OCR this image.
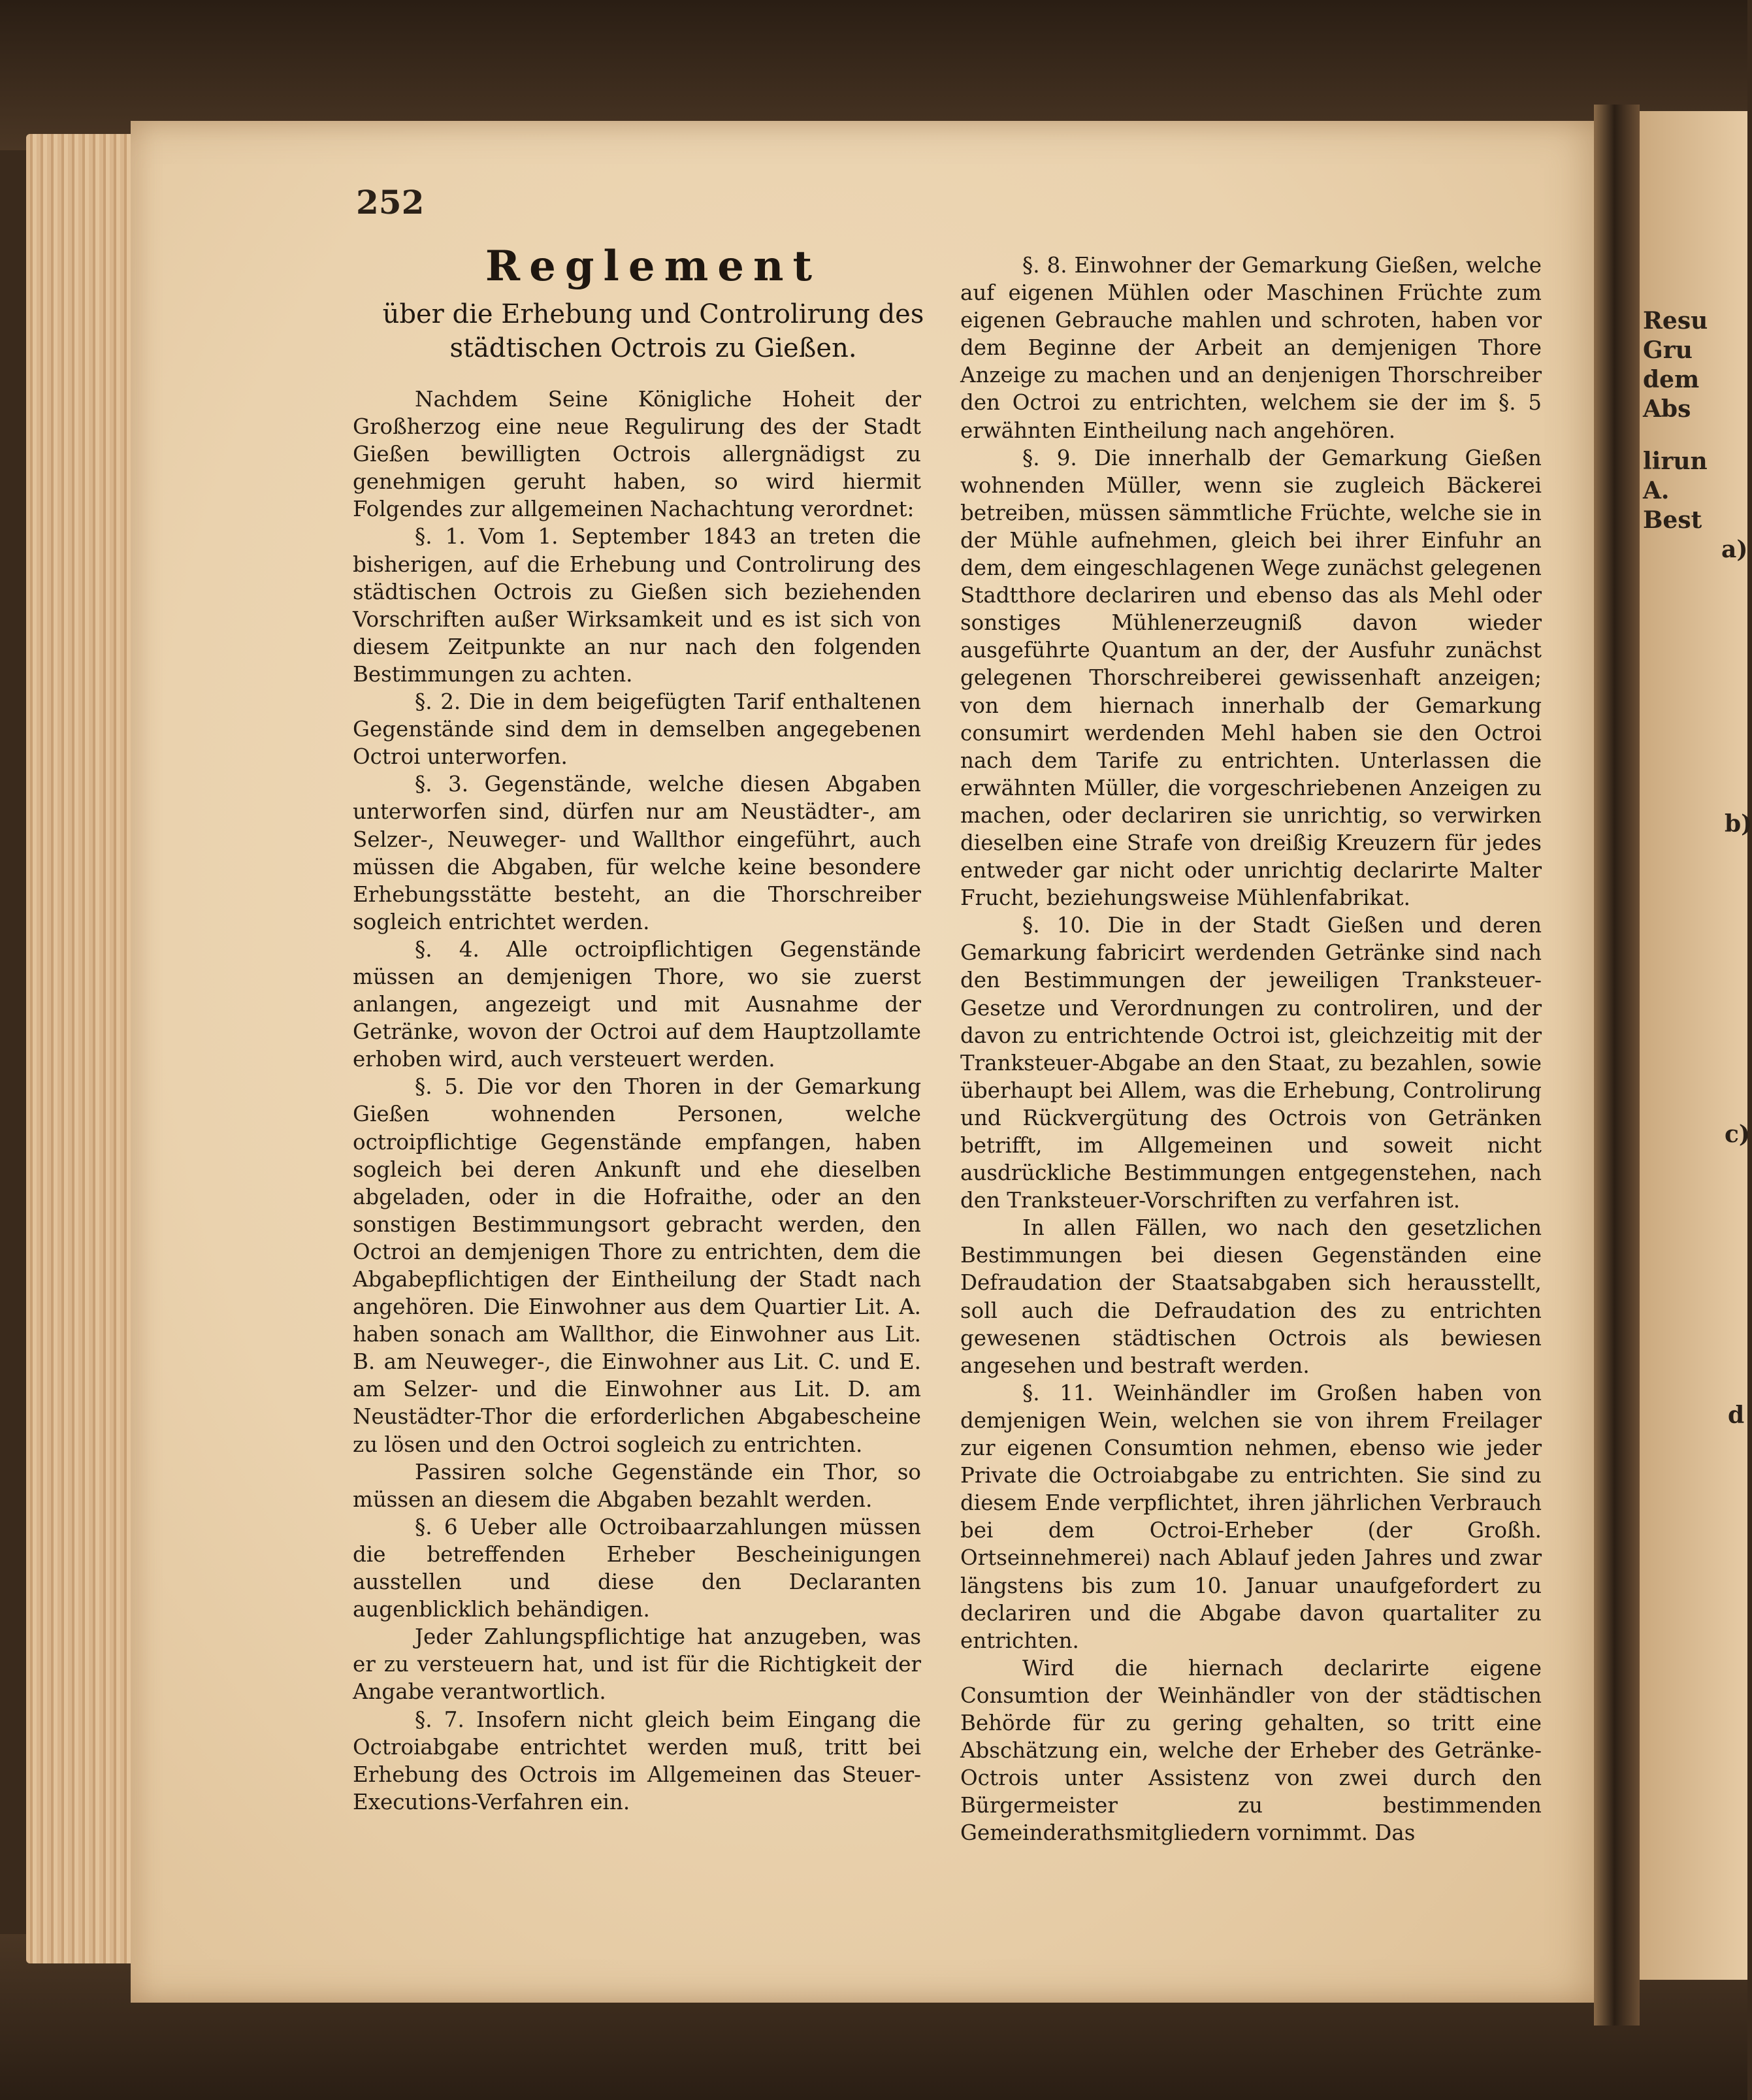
Resu
Gru
dem
Abs
lirun
A.
Best
a)
b)
c)
d
252
Reglement
über die Erhebung und Controlirung des städtischen Octrois zu Gießen.

Nachdem Seine Königliche Hoheit der Großherzog eine neue Regulirung des der Stadt Gießen bewilligten Octrois allergnädigst zu genehmigen geruht haben, so wird hiermit Folgendes zur allgemeinen Nachachtung verordnet:

§. 1. Vom 1. September 1843 an treten die bisherigen, auf die Erhebung und Controlirung des städtischen Octrois zu Gießen sich beziehenden Vorschriften außer Wirksamkeit und es ist sich von diesem Zeitpunkte an nur nach den folgenden Bestimmungen zu achten.

§. 2. Die in dem beigefügten Tarif enthaltenen Gegenstände sind dem in demselben angegebenen Octroi unterworfen.

§. 3. Gegenstände, welche diesen Abgaben unterworfen sind, dürfen nur am Neustädter-, am Selzer-, Neuweger- und Wallthor eingeführt, auch müssen die Abgaben, für welche keine besondere Erhebungsstätte besteht, an die Thorschreiber sogleich entrichtet werden.

§. 4. Alle octroipflichtigen Gegenstände müssen an demjenigen Thore, wo sie zuerst anlangen, angezeigt und mit Ausnahme der Getränke, wovon der Octroi auf dem Hauptzollamte erhoben wird, auch versteuert werden.

§. 5. Die vor den Thoren in der Gemarkung Gießen wohnenden Personen, welche octroipflichtige Gegenstände empfangen, haben sogleich bei deren Ankunft und ehe dieselben abgeladen, oder in die Hofraithe, oder an den sonstigen Bestimmungsort gebracht werden, den Octroi an demjenigen Thore zu entrichten, dem die Abgabepflichtigen der Eintheilung der Stadt nach angehören. Die Einwohner aus dem Quartier Lit. A. haben sonach am Wallthor, die Einwohner aus Lit. B. am Neuweger-, die Einwohner aus Lit. C. und E. am Selzer- und die Einwohner aus Lit. D. am Neustädter-Thor die erforderlichen Abgabescheine zu lösen und den Octroi sogleich zu entrichten.

Passiren solche Gegenstände ein Thor, so müssen an diesem die Abgaben bezahlt werden.

§. 6 Ueber alle Octroibaarzahlungen müssen die betreffenden Erheber Bescheinigungen ausstellen und diese den Declaranten augenblicklich behändigen.

Jeder Zahlungspflichtige hat anzugeben, was er zu versteuern hat, und ist für die Richtigkeit der Angabe verantwortlich.

§. 7. Insofern nicht gleich beim Eingang die Octroiabgabe entrichtet werden muß, tritt bei Erhebung des Octrois im Allgemeinen das Steuer-Executions-Verfahren ein.

§. 8. Einwohner der Gemarkung Gießen, welche auf eigenen Mühlen oder Maschinen Früchte zum eigenen Gebrauche mahlen und schroten, haben vor dem Beginne der Arbeit an demjenigen Thore Anzeige zu machen und an denjenigen Thorschreiber den Octroi zu entrichten, welchem sie der im §. 5 erwähnten Eintheilung nach angehören.

§. 9. Die innerhalb der Gemarkung Gießen wohnenden Müller, wenn sie zugleich Bäckerei betreiben, müssen sämmtliche Früchte, welche sie in der Mühle aufnehmen, gleich bei ihrer Einfuhr an dem, dem eingeschlagenen Wege zunächst gelegenen Stadtthore declariren und ebenso das als Mehl oder sonstiges Mühlenerzeugniß davon wieder ausgeführte Quantum an der, der Ausfuhr zunächst gelegenen Thorschreiberei gewissenhaft anzeigen; von dem hiernach innerhalb der Gemarkung consumirt werdenden Mehl haben sie den Octroi nach dem Tarife zu entrichten. Unterlassen die erwähnten Müller, die vorgeschriebenen Anzeigen zu machen, oder declariren sie unrichtig, so verwirken dieselben eine Strafe von dreißig Kreuzern für jedes entweder gar nicht oder unrichtig declarirte Malter Frucht, beziehungsweise Mühlenfabrikat.

§. 10. Die in der Stadt Gießen und deren Gemarkung fabricirt werdenden Getränke sind nach den Bestimmungen der jeweiligen Tranksteuer-Gesetze und Verordnungen zu controliren, und der davon zu entrichtende Octroi ist, gleichzeitig mit der Tranksteuer-Abgabe an den Staat, zu bezahlen, sowie überhaupt bei Allem, was die Erhebung, Controlirung und Rückvergütung des Octrois von Getränken betrifft, im Allgemeinen und soweit nicht ausdrückliche Bestimmungen entgegenstehen, nach den Tranksteuer-Vorschriften zu verfahren ist.

In allen Fällen, wo nach den gesetzlichen Bestimmungen bei diesen Gegenständen eine Defraudation der Staatsabgaben sich herausstellt, soll auch die Defraudation des zu entrichten gewesenen städtischen Octrois als bewiesen angesehen und bestraft werden.

§. 11. Weinhändler im Großen haben von demjenigen Wein, welchen sie von ihrem Freilager zur eigenen Consumtion nehmen, ebenso wie jeder Private die Octroiabgabe zu entrichten. Sie sind zu diesem Ende verpflichtet, ihren jährlichen Verbrauch bei dem Octroi-Erheber (der Großh. Ortseinnehmerei) nach Ablauf jeden Jahres und zwar längstens bis zum 10. Januar unaufgefordert zu declariren und die Abgabe davon quartaliter zu entrichten.

Wird die hiernach declarirte eigene Consumtion der Weinhändler von der städtischen Behörde für zu gering gehalten, so tritt eine Abschätzung ein, welche der Erheber des Getränke-Octrois unter Assistenz von zwei durch den Bürgermeister zu bestimmenden Gemeinderathsmitgliedern vornimmt. Das
